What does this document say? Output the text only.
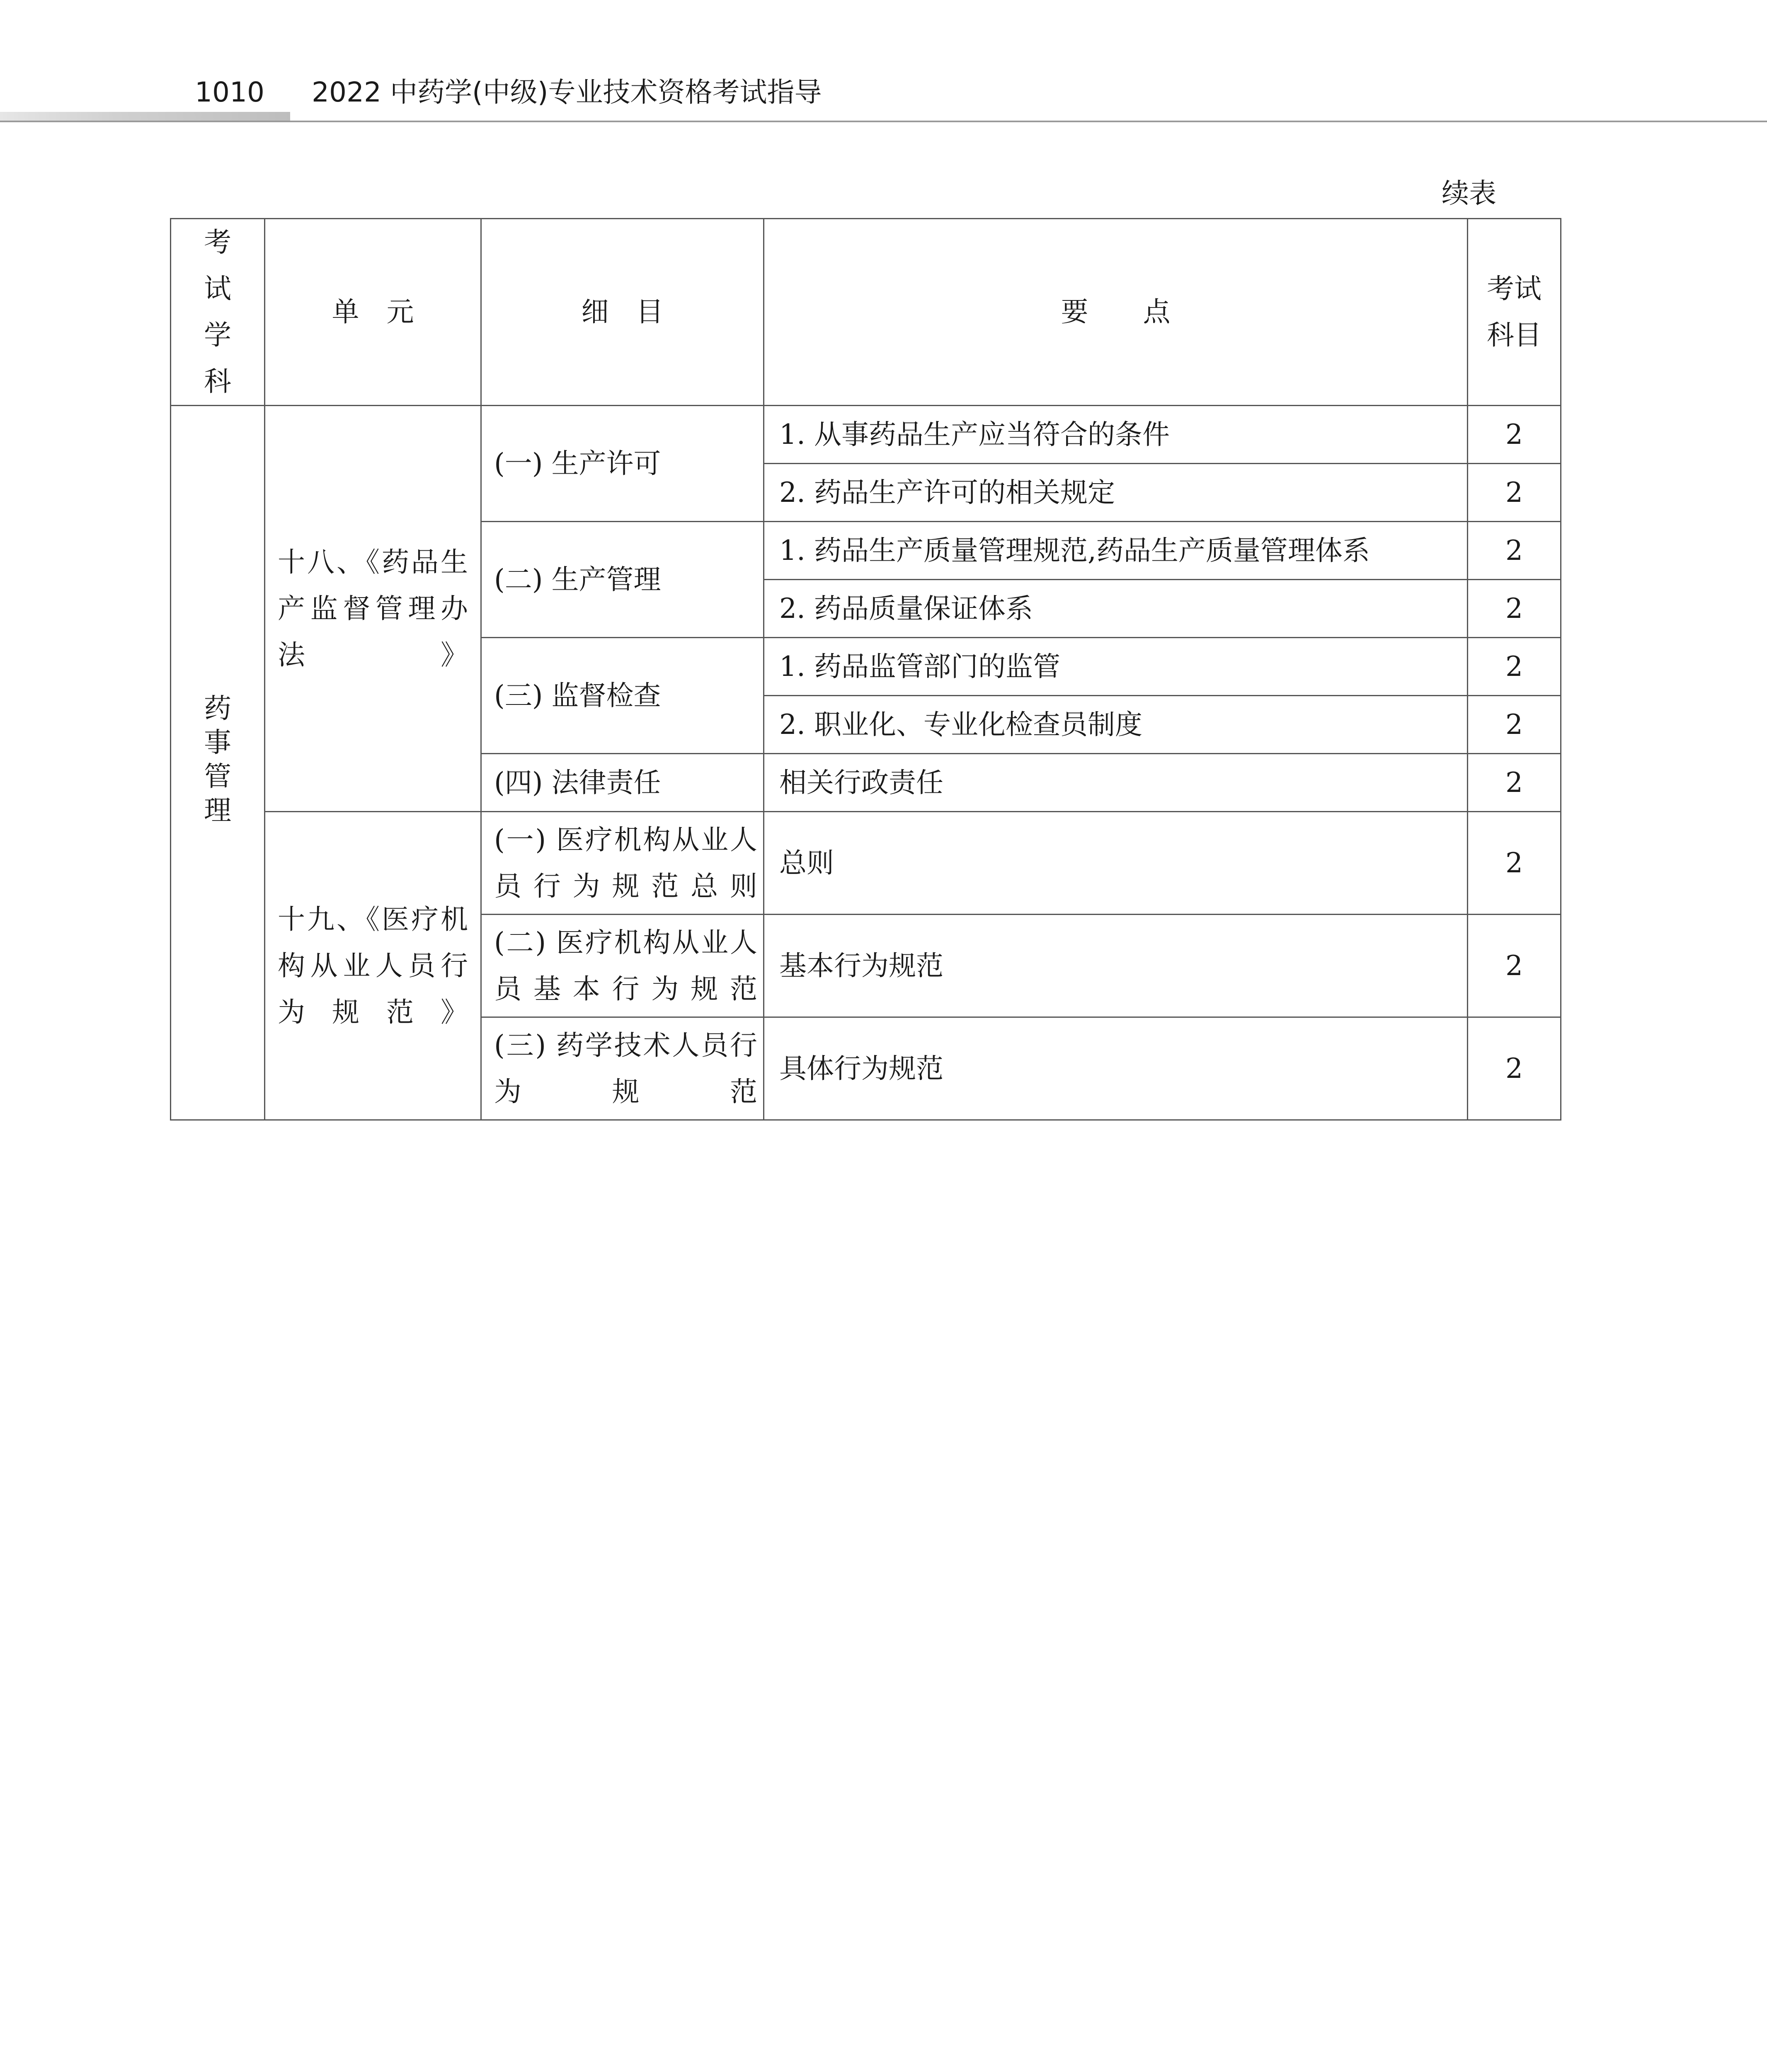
1010 2022 中药学(中级)专业技术资格考试指导
续表
考试学科	单　元	细　目	要　　点	考试科目

药事管理	十八、《药品生产监督管理办法》	(一) 生产许可	1. 从事药品生产应当符合的条件	2
			2. 药品生产许可的相关规定	2
		(二) 生产管理	1. 药品生产质量管理规范,药品生产质量管理体系	2
			2. 药品质量保证体系	2
		(三) 监督检查	1. 药品监管部门的监管	2
			2. 职业化、专业化检查员制度	2
		(四) 法律责任	相关行政责任	2

	十九、《医疗机构从业人员行为规范》	(一) 医疗机构从业人员行为规范总则	总则	2

		(二) 医疗机构从业人员基本行为规范	基本行为规范	2

		(三) 药学技术人员行为规范	具体行为规范	2
